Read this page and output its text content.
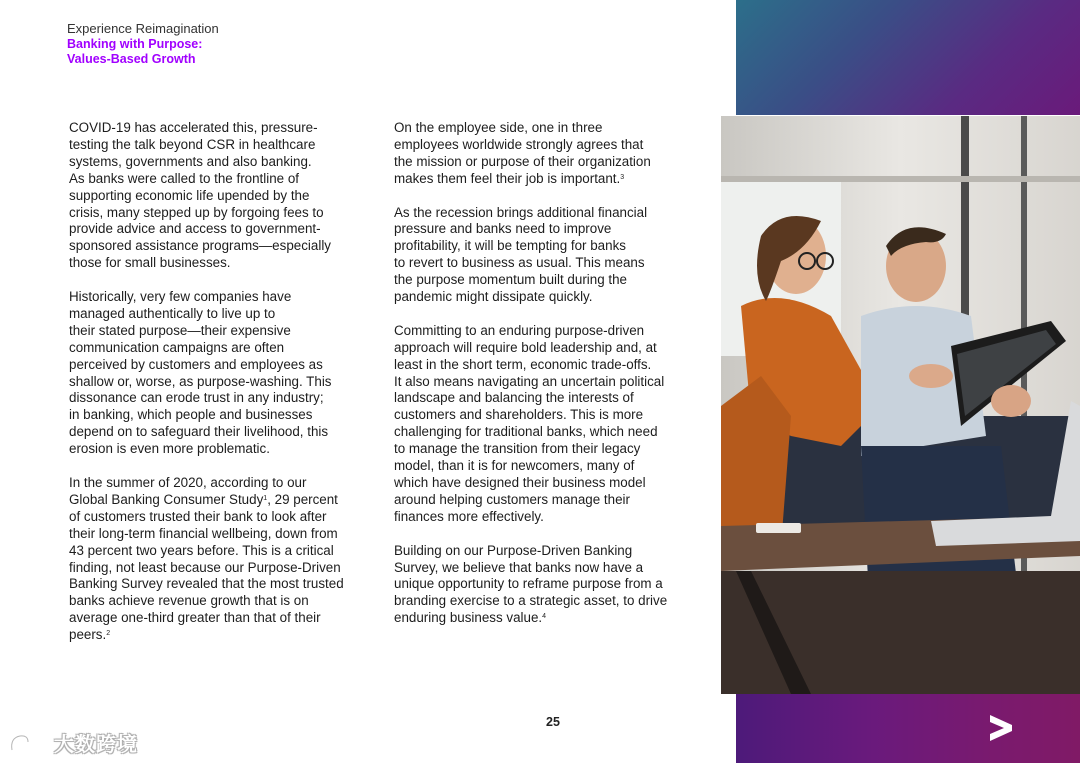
Experience Reimagination
Banking with Purpose:
Values-Based Growth

COVID-19 has accelerated this, pressure-
testing the talk beyond CSR in healthcare
systems, governments and also banking.
As banks were called to the frontline of
supporting economic life upended by the
crisis, many stepped up by forgoing fees to
provide advice and access to government-
sponsored assistance programs—especially
those for small businesses.

Historically, very few companies have
managed authentically to live up to
their stated purpose—their expensive
communication campaigns are often
perceived by customers and employees as
shallow or, worse, as purpose-washing. This
dissonance can erode trust in any industry;
in banking, which people and businesses
depend on to safeguard their livelihood, this
erosion is even more problematic.

In the summer of 2020, according to our
Global Banking Consumer Study$^1$, 29 percent
of customers trusted their bank to look after
their long-term financial wellbeing, down from
43 percent two years before. This is a critical
finding, not least because our Purpose-Driven
Banking Survey revealed that the most trusted
banks achieve revenue growth that is on
average one-third greater than that of their
peers.$^2$

On the employee side, one in three
employees worldwide strongly agrees that
the mission or purpose of their organization
makes them feel their job is important.$^3$

As the recession brings additional financial
pressure and banks need to improve
profitability, it will be tempting for banks
to revert to business as usual. This means
the purpose momentum built during the
pandemic might dissipate quickly.

Committing to an enduring purpose-driven
approach will require bold leadership and, at
least in the short term, economic trade-offs.
It also means navigating an uncertain political
landscape and balancing the interests of
customers and shareholders. This is more
challenging for traditional banks, which need
to manage the transition from their legacy
model, than it is for newcomers, many of
which have designed their business model
around helping customers manage their
finances more effectively.

Building on our Purpose-Driven Banking
Survey, we believe that banks now have a
unique opportunity to reframe purpose from a
branding exercise to a strategic asset, to drive
enduring business value.$^4$

25
大数跨境
